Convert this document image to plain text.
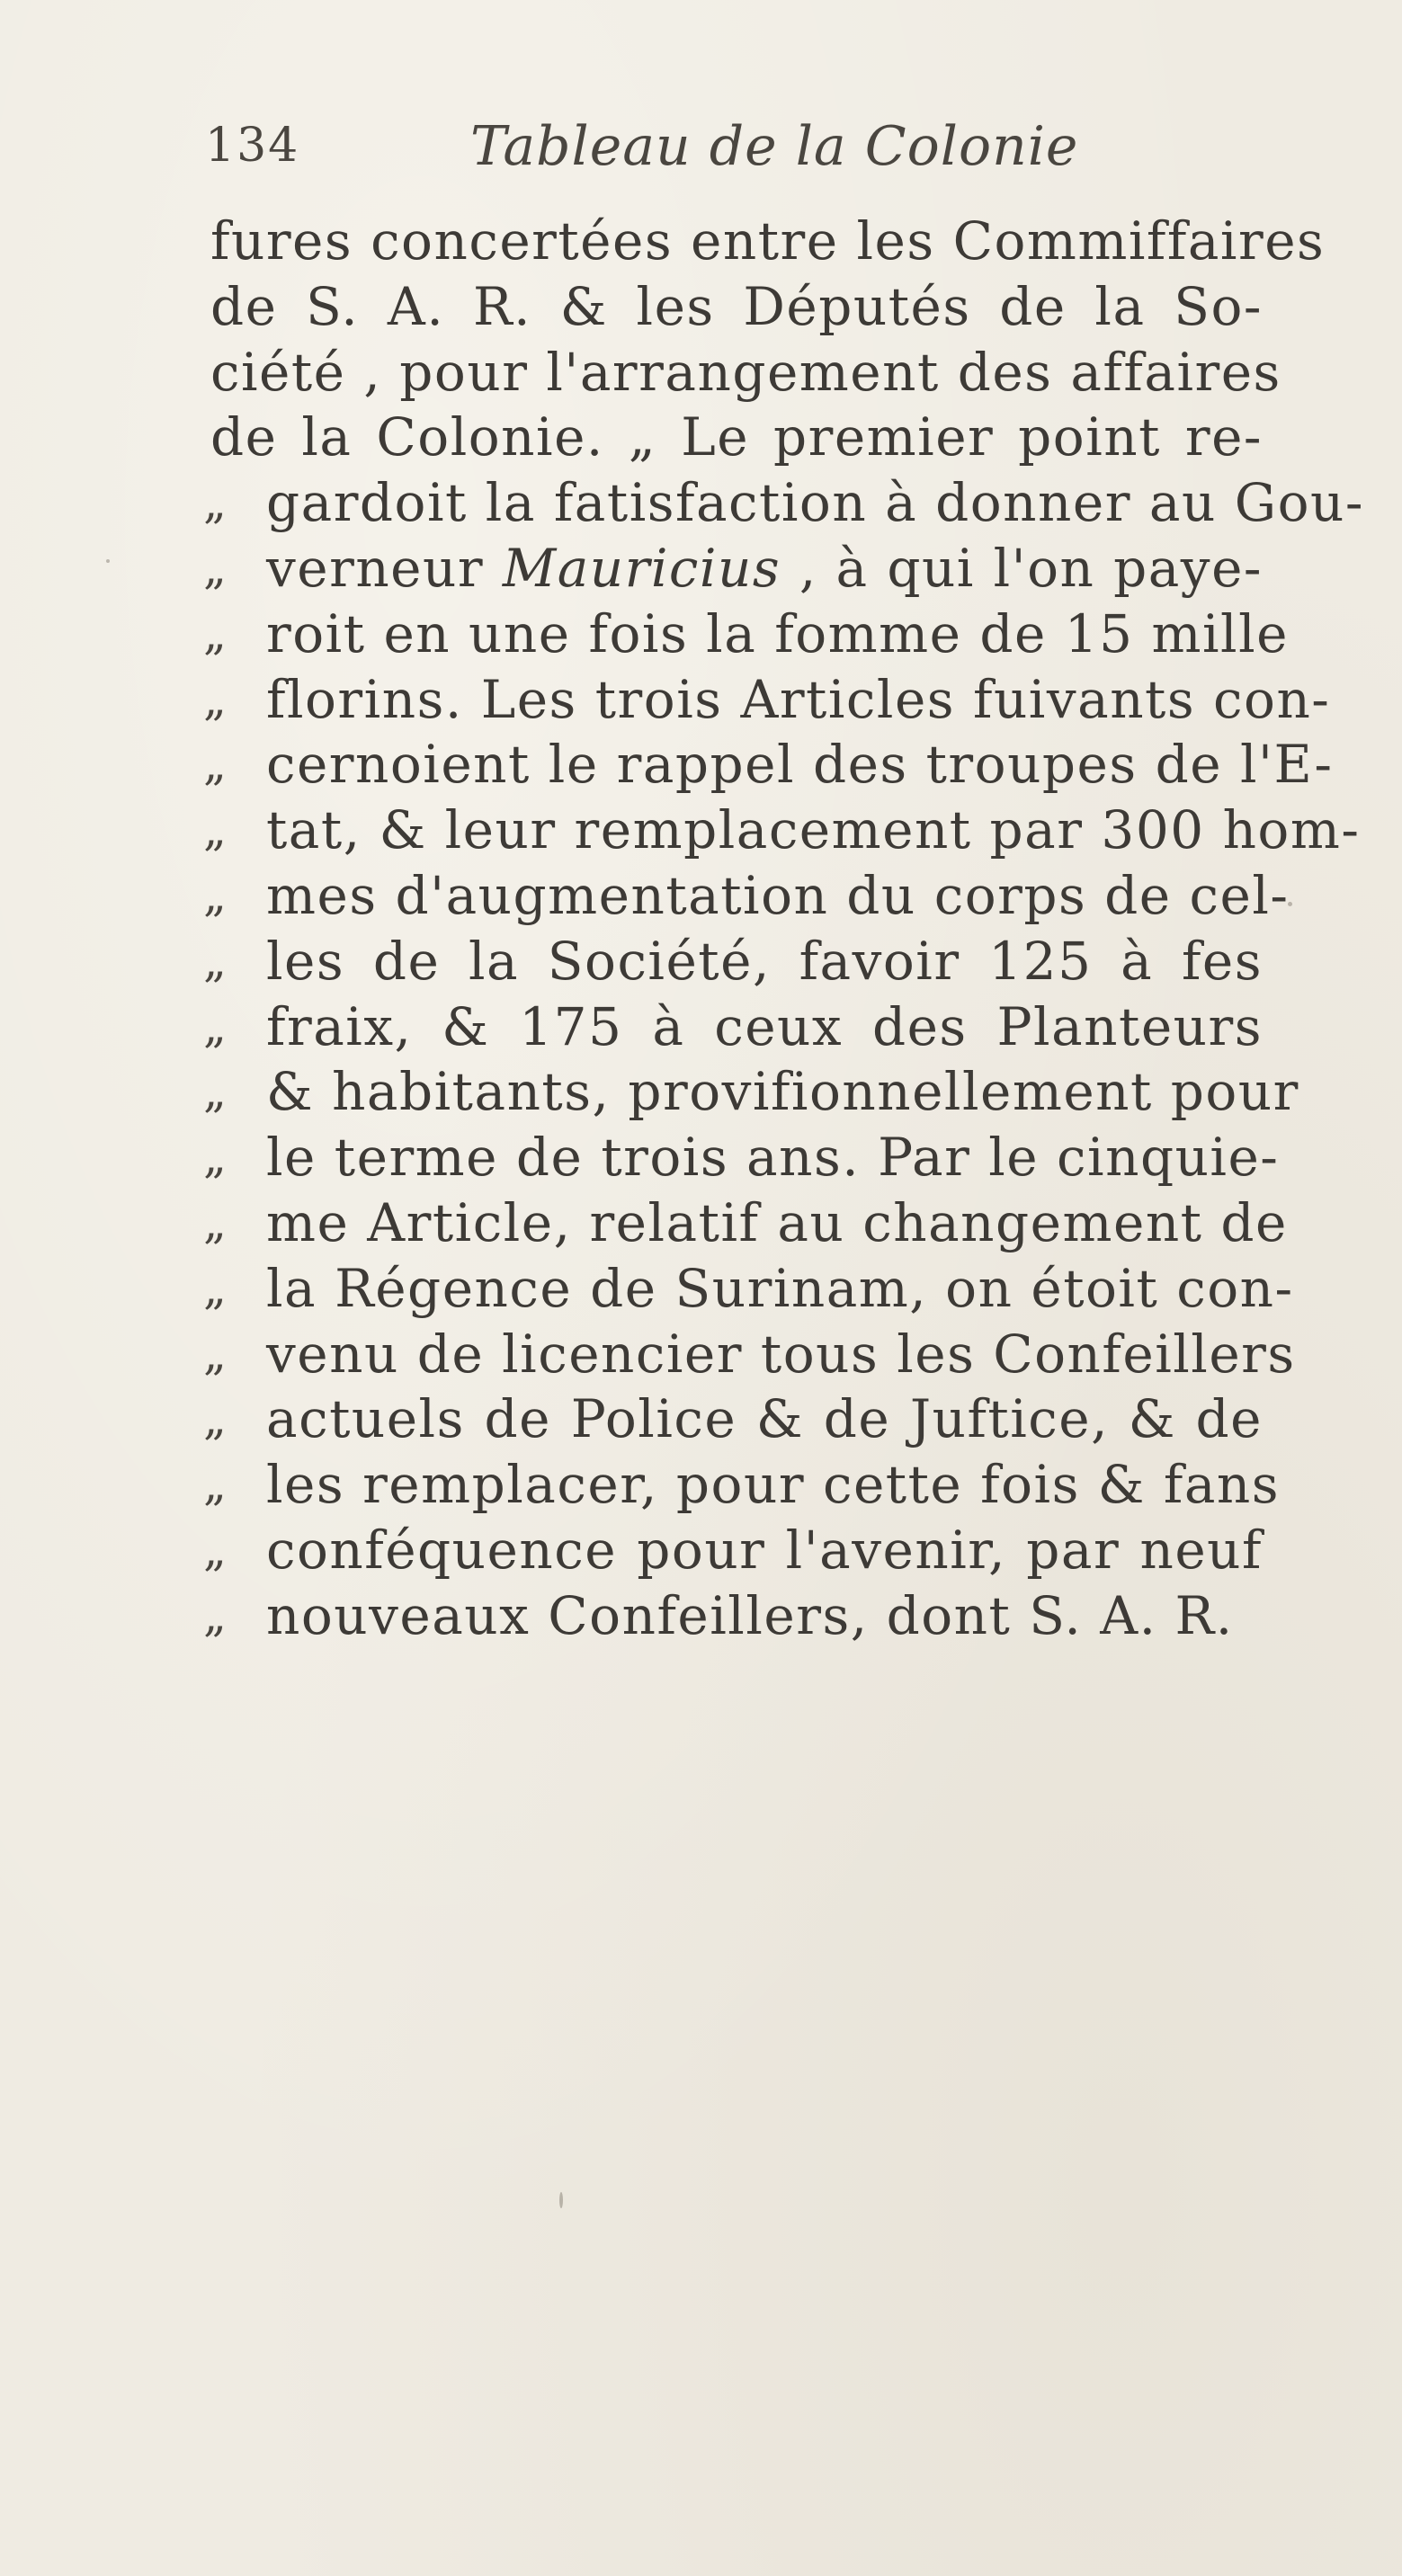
134	Tableau de la Colonie
fures concertées entre les Commiffaires
de S. A. R. & les Députés de la So-
ciété , pour l'arrangement des affaires
de la Colonie. „ Le premier point re-
„ gardoit la fatisfaction à donner au Gou-
„ verneur Mauricius , à qui l'on paye-
„ roit en une fois la fomme de 15 mille
„ florins. Les trois Articles fuivants con-
„ cernoient le rappel des troupes de l'E-
„ tat, & leur remplacement par 300 hom-
„ mes d'augmentation du corps de cel-
„ les de la Société, favoir 125 à fes
„ fraix, & 175 à ceux des Planteurs
„ & habitants, provifionnellement pour
„ le terme de trois ans. Par le cinquie-
„ me Article, relatif au changement de
„ la Régence de Surinam, on étoit con-
„ venu de licencier tous les Confeillers
„ actuels de Police & de Juftice, & de
„ les remplacer, pour cette fois & fans
„ conféquence pour l'avenir, par neuf
„ nouveaux Confeillers, dont S. A. R.
